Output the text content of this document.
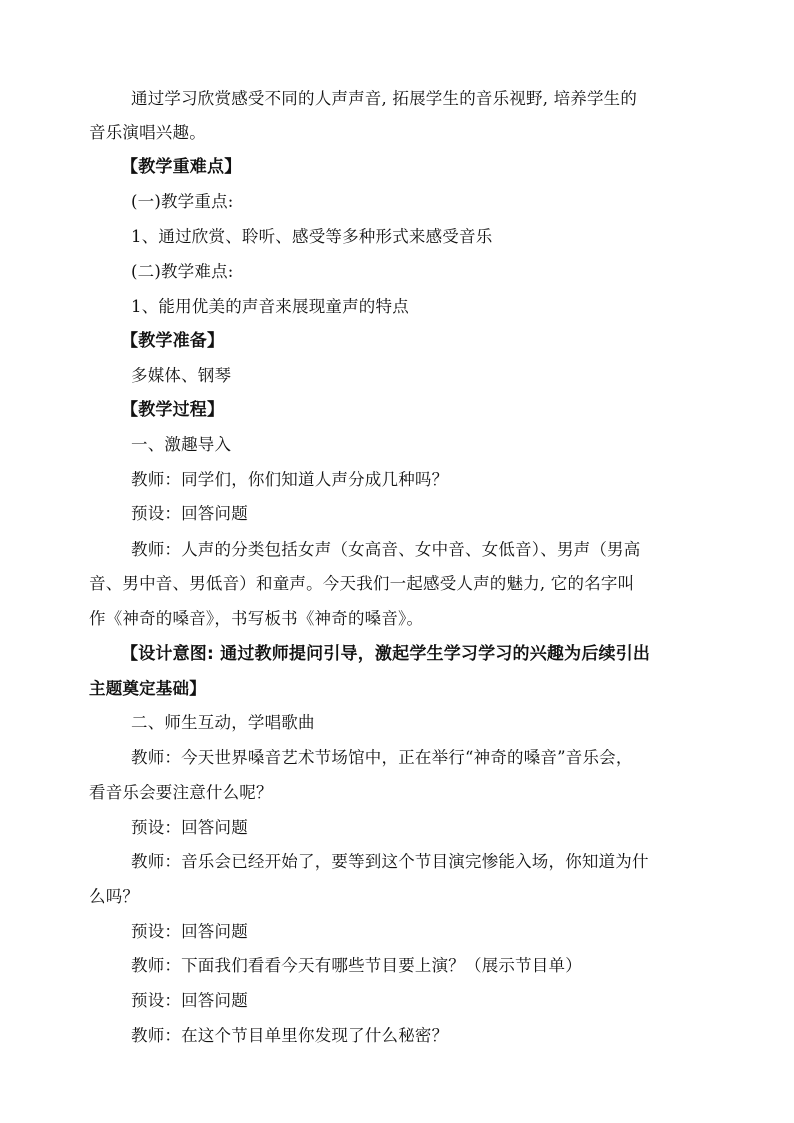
通过学习欣赏感受不同的人声声音, 拓展学生的音乐视野, 培养学生的
音乐演唱兴趣。
【教学重难点】
(一)教学重点:
1、通过欣赏、聆听、感受等多种形式来感受音乐
(二)教学难点:
1、能用优美的声音来展现童声的特点
【教学准备】
多媒体、钢琴
【教学过程】
一、激趣导入
教师：同学们，你们知道人声分成几种吗？
预设：回答问题
教师：人声的分类包括女声（女高音、女中音、女低音）、男声（男高
音、男中音、男低音）和童声。今天我们一起感受人声的魅力, 它的名字叫
作《神奇的嗓音》，书写板书《神奇的嗓音》。
【设计意图: 通过教师提问引导，激起学生学习学习的兴趣为后续引出
主题奠定基础】
二、师生互动，学唱歌曲
教师：今天世界嗓音艺术节场馆中，正在举行“神奇的嗓音”音乐会，
看音乐会要注意什么呢？
预设：回答问题
教师：音乐会已经开始了，要等到这个节目演完惨能入场，你知道为什
么吗？
预设：回答问题
教师：下面我们看看今天有哪些节目要上演？（展示节目单）
预设：回答问题
教师：在这个节目单里你发现了什么秘密？
